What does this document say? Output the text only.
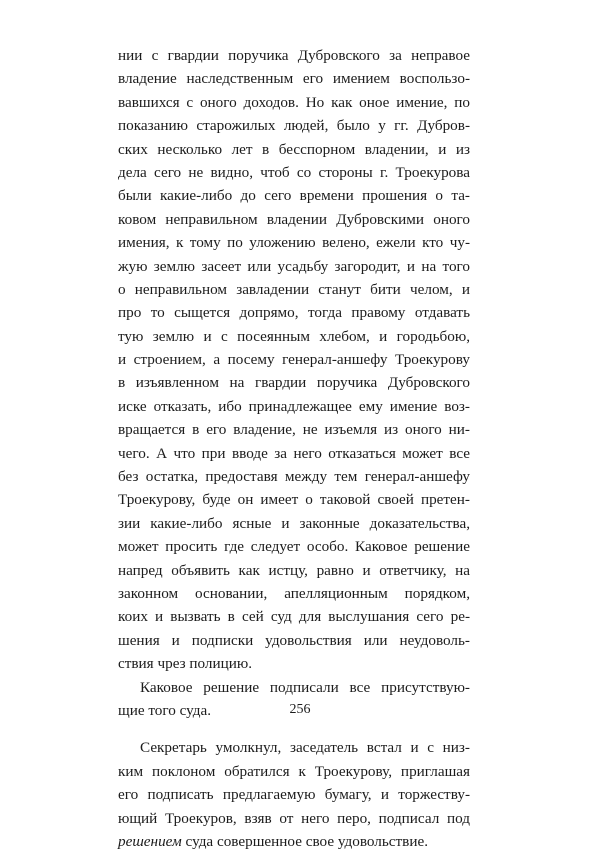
нии с гвардии поручика Дубровского за неправое
владение наследственным его имением воспользо-
вавшихся с оного доходов. Но как оное имение, по
показанию старожилых людей, было у гг. Дубров-
ских несколько лет в бесспорном владении, и из
дела сего не видно, чтоб со стороны г. Троекурова
были какие-либо до сего времени прошения о та-
ковом неправильном владении Дубровскими оного
имения, к тому по уложению велено, ежели кто чу-
жую землю засеет или усадьбу загородит, и на того
о неправильном завладении станут бити челом, и
про то сыщется допрямо, тогда правому отдавать
тую землю и с посеянным хлебом, и городьбою,
и строением, а посему генерал-аншефу Троекурову
в изъявленном на гвардии поручика Дубровского
иске отказать, ибо принадлежащее ему имение воз-
вращается в его владение, не изъемля из оного ни-
чего. А что при вводе за него отказаться может все
без остатка, предоставя между тем генерал-аншефу
Троекурову, буде он имеет о таковой своей претен-
зии какие-либо ясные и законные доказательства,
может просить где следует особо. Каковое решение
напред объявить как истцу, равно и ответчику, на
законном основании, апелляционным порядком,
коих и вызвать в сей суд для выслушания сего ре-
шения и подписки удовольствия или неудоволь-
ствия чрез полицию.
Каковое решение подписали все присутствую-
щие того суда.
Секретарь умолкнул, заседатель встал и с низ-
ким поклоном обратился к Троекурову, приглашая
его подписать предлагаемую бумагу, и торжеству-
ющий Троекуров, взяв от него перо, подписал под
решением суда совершенное свое удовольствие.
256
